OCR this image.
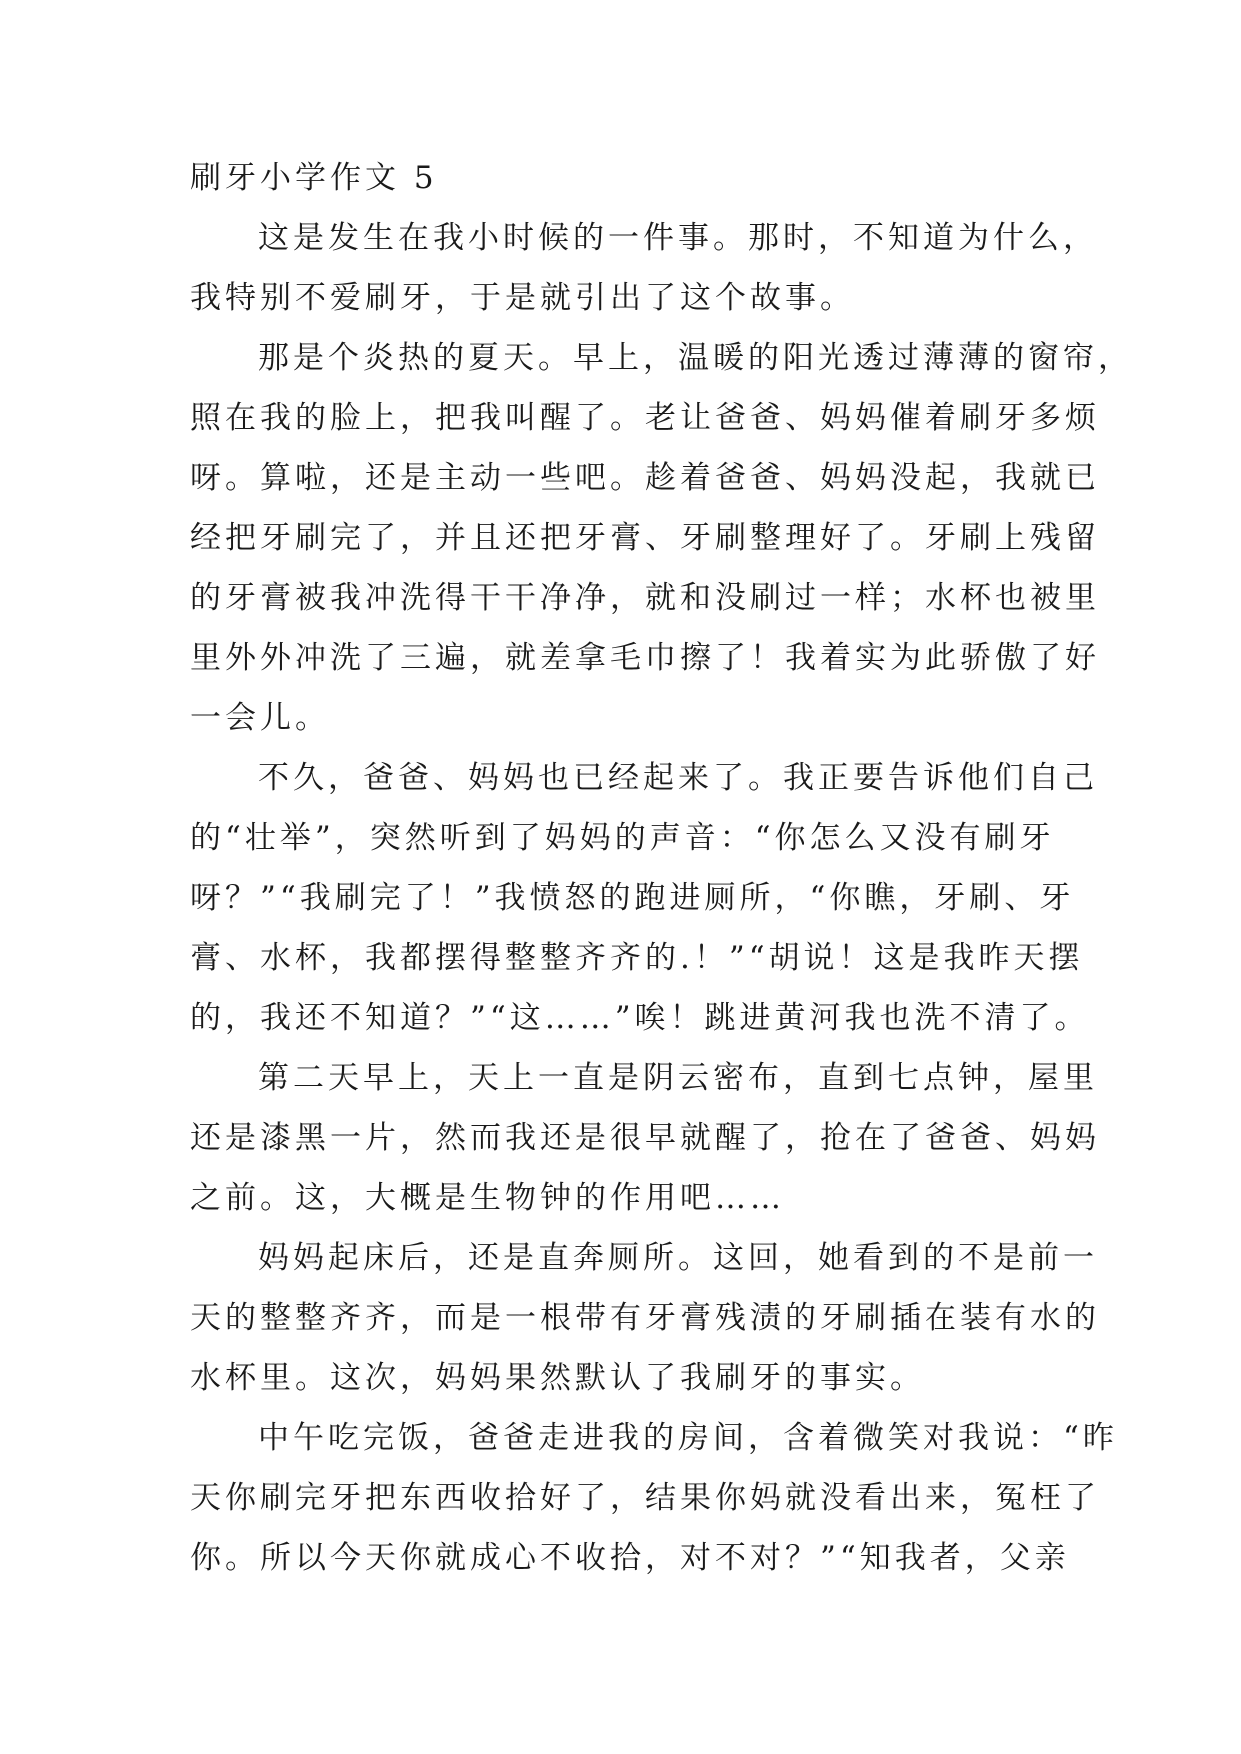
刷牙小学作文 5
这是发生在我小时候的一件事。那时，不知道为什么，
我特别不爱刷牙，于是就引出了这个故事。
那是个炎热的夏天。早上，温暖的阳光透过薄薄的窗帘，
照在我的脸上，把我叫醒了。老让爸爸、妈妈催着刷牙多烦
呀。算啦，还是主动一些吧。趁着爸爸、妈妈没起，我就已
经把牙刷完了，并且还把牙膏、牙刷整理好了。牙刷上残留
的牙膏被我冲洗得干干净净，就和没刷过一样；水杯也被里
里外外冲洗了三遍，就差拿毛巾擦了！我着实为此骄傲了好
一会儿。
不久，爸爸、妈妈也已经起来了。我正要告诉他们自己
的“壮举”，突然听到了妈妈的声音：“你怎么又没有刷牙
呀？”“我刷完了！”我愤怒的跑进厕所，“你瞧，牙刷、牙
膏、水杯，我都摆得整整齐齐的.！”“胡说！这是我昨天摆
的，我还不知道？”“这……”唉！跳进黄河我也洗不清了。
第二天早上，天上一直是阴云密布，直到七点钟，屋里
还是漆黑一片，然而我还是很早就醒了，抢在了爸爸、妈妈
之前。这，大概是生物钟的作用吧……
妈妈起床后，还是直奔厕所。这回，她看到的不是前一
天的整整齐齐，而是一根带有牙膏残渍的牙刷插在装有水的
水杯里。这次，妈妈果然默认了我刷牙的事实。
中午吃完饭，爸爸走进我的房间，含着微笑对我说：“昨
天你刷完牙把东西收拾好了，结果你妈就没看出来，冤枉了
你。所以今天你就成心不收拾，对不对？”“知我者，父亲
